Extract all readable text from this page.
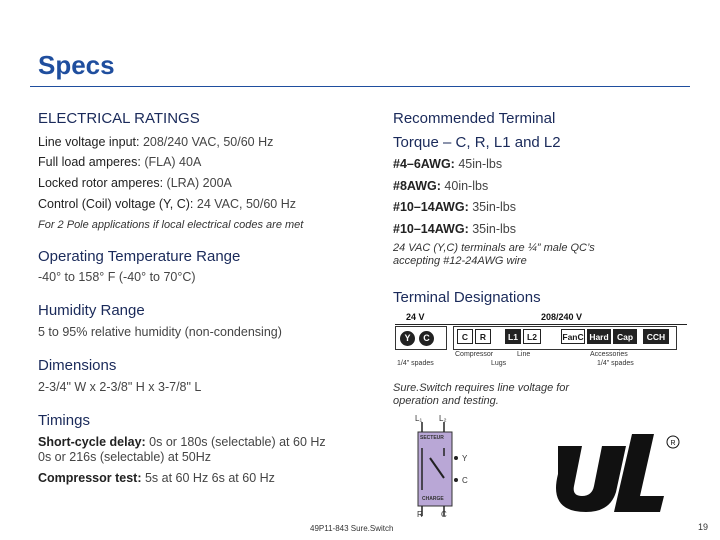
Specs
ELECTRICAL RATINGS
Line voltage input: 208/240 VAC, 50/60 Hz
Full load amperes: (FLA) 40A
Locked rotor amperes: (LRA) 200A
Control (Coil) voltage (Y, C): 24 VAC, 50/60 Hz
For 2 Pole applications if local electrical codes are met
Operating Temperature Range
-40° to 158° F (-40° to 70°C)
Humidity Range
5 to 95% relative humidity (non-condensing)
Dimensions
2-3/4" W x 2-3/8" H x 3-7/8" L
Timings
Short-cycle delay: 0s or 180s (selectable) at 60 Hz
0s or 216s (selectable) at 50Hz
Compressor test: 5s at 60 Hz 6s at 60 Hz
Recommended Terminal
Torque – C, R, L1 and L2
#4–6AWG: 45in-lbs
#8AWG: 40in-lbs
#10–14AWG: 35in-lbs
#10–14AWG: 35in-lbs
24 VAC (Y,C) terminals are ¼” male QC’s accepting #12-24AWG wire
Terminal Designations
24 V	208/240 V
Y	C	C	R	L1	L2	FanC Hard Cap	CCH
Compressor	Line	Accessories
1/4" spades	Lugs	1/4" spades
Sure.Switch requires line voltage for operation and testing.
L₁ L₂
SECTEUR
CHARGE
Y
C
R C
R
49P11-843 Sure.Switch	19
